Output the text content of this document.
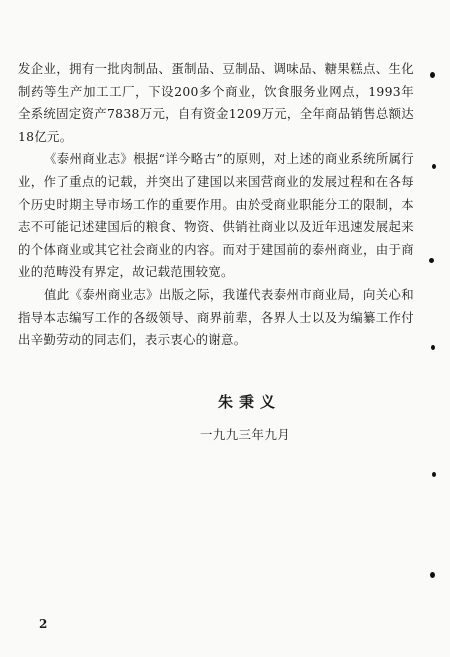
发企业，拥有一批肉制品、蛋制品、豆制品、调味品、糖果糕点、生化制药等生产加工工厂，下设200多个商业，饮食服务业网点，1993年全系统固定资产7838万元，自有资金1209万元，全年商品销售总额达18亿元。

《泰州商业志》根据“详今略古”的原则，对上述的商业系统所属行业，作了重点的记载，并突出了建国以来国营商业的发展过程和在各每个历史时期主导市场工作的重要作用。由於受商业职能分工的限制，本志不可能记述建国后的粮食、物资、供销社商业以及近年迅速发展起来的个体商业或其它社会商业的内容。而对于建国前的泰州商业，由于商业的范畴没有界定，故记载范围较宽。

值此《泰州商业志》出版之际，我谨代表泰州市商业局，向关心和指导本志编写工作的各级领导、商界前辈，各界人士以及为编纂工作付出辛勤劳动的同志们，表示衷心的谢意。

朱秉义
一九九三年九月
2
